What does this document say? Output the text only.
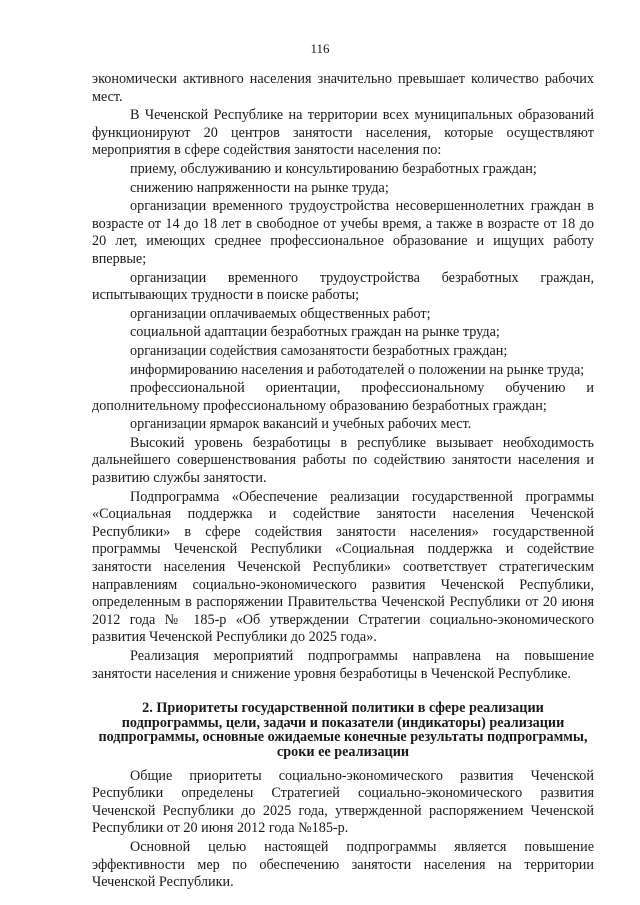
116

экономически активного населения значительно превышает количество рабочих мест.

В Чеченской Республике на территории всех муниципальных образований функционируют 20 центров занятости населения, которые осуществляют мероприятия в сфере содействия занятости населения по:

приему, обслуживанию и консультированию безработных граждан;

снижению напряженности на рынке труда;

организации временного трудоустройства несовершеннолетних граждан в возрасте от 14 до 18 лет в свободное от учебы время, а также в возрасте от 18 до 20 лет, имеющих среднее профессиональное образование и ищущих работу впервые;

организации временного трудоустройства безработных граждан, испытывающих трудности в поиске работы;

организации оплачиваемых общественных работ;

социальной адаптации безработных граждан на рынке труда;

организации содействия самозанятости безработных граждан;

информированию населения и работодателей о положении на рынке труда;

профессиональной ориентации, профессиональному обучению и дополнительному профессиональному образованию безработных граждан;

организации ярмарок вакансий и учебных рабочих мест.

Высокий уровень безработицы в республике вызывает необходимость дальнейшего совершенствования работы по содействию занятости населения и развитию службы занятости.

Подпрограмма «Обеспечение реализации государственной программы «Социальная поддержка и содействие занятости населения Чеченской Республики» в сфере содействия занятости населения» государственной программы Чеченской Республики «Социальная поддержка и содействие занятости населения Чеченской Республики» соответствует стратегическим направлениям социально-экономического развития Чеченской Республики, определенным в распоряжении Правительства Чеченской Республики от 20 июня 2012 года № 185-р «Об утверждении Стратегии социально-экономического развития Чеченской Республики до 2025 года».

Реализация мероприятий подпрограммы направлена на повышение занятости населения и снижение уровня безработицы в Чеченской Республике.

2. Приоритеты государственной политики в сфере реализации подпрограммы, цели, задачи и показатели (индикаторы) реализации подпрограммы, основные ожидаемые конечные результаты подпрограммы, сроки ее реализации

Общие приоритеты социально-экономического развития Чеченской Республики определены Стратегией социально-экономического развития Чеченской Республики до 2025 года, утвержденной распоряжением Чеченской Республики от 20 июня 2012 года №185-р.

Основной целью настоящей подпрограммы является повышение эффективности мер по обеспечению занятости населения на территории Чеченской Республики.
